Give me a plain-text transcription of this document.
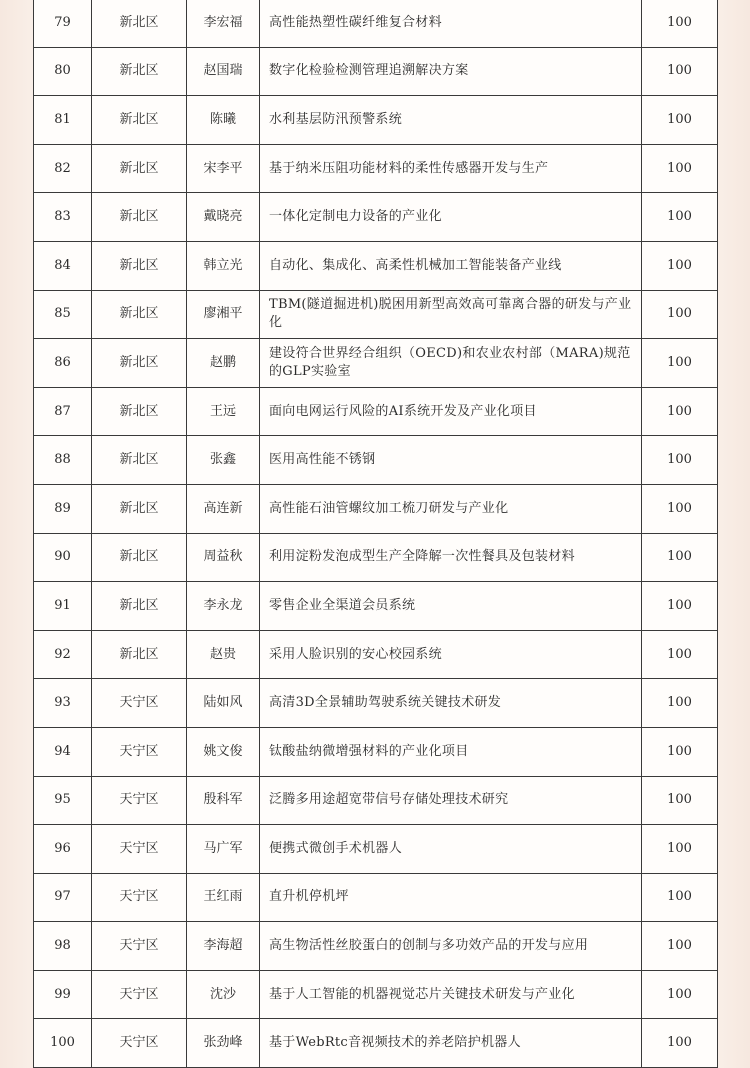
79	新北区	李宏福	高性能热塑性碳纤维复合材料	100
80	新北区	赵国瑞	数字化检验检测管理追溯解决方案	100
81	新北区	陈曦	水利基层防汛预警系统	100
82	新北区	宋李平	基于纳米压阻功能材料的柔性传感器开发与生产	100
83	新北区	戴晓亮	一体化定制电力设备的产业化	100
84	新北区	韩立光	自动化、集成化、高柔性机械加工智能装备产业线	100
85	新北区	廖湘平	TBM(隧道掘进机)脱困用新型高效高可靠离合器的研发与产业化	100
86	新北区	赵鹏	建设符合世界经合组织（OECD)和农业农村部（MARA)规范的GLP实验室	100
87	新北区	王远	面向电网运行风险的AI系统开发及产业化项目	100
88	新北区	张鑫	医用高性能不锈钢	100
89	新北区	高连新	高性能石油管螺纹加工梳刀研发与产业化	100
90	新北区	周益秋	利用淀粉发泡成型生产全降解一次性餐具及包装材料	100
91	新北区	李永龙	零售企业全渠道会员系统	100
92	新北区	赵贵	采用人脸识别的安心校园系统	100
93	天宁区	陆如风	高清3D全景辅助驾驶系统关键技术研发	100
94	天宁区	姚文俊	钛酸盐纳微增强材料的产业化项目	100
95	天宁区	殷科军	泛腾多用途超宽带信号存储处理技术研究	100
96	天宁区	马广军	便携式微创手术机器人	100
97	天宁区	王红雨	直升机停机坪	100
98	天宁区	李海超	高生物活性丝胶蛋白的创制与多功效产品的开发与应用	100
99	天宁区	沈沙	基于人工智能的机器视觉芯片关键技术研发与产业化	100
100	天宁区	张劲峰	基于WebRtc音视频技术的养老陪护机器人	100
